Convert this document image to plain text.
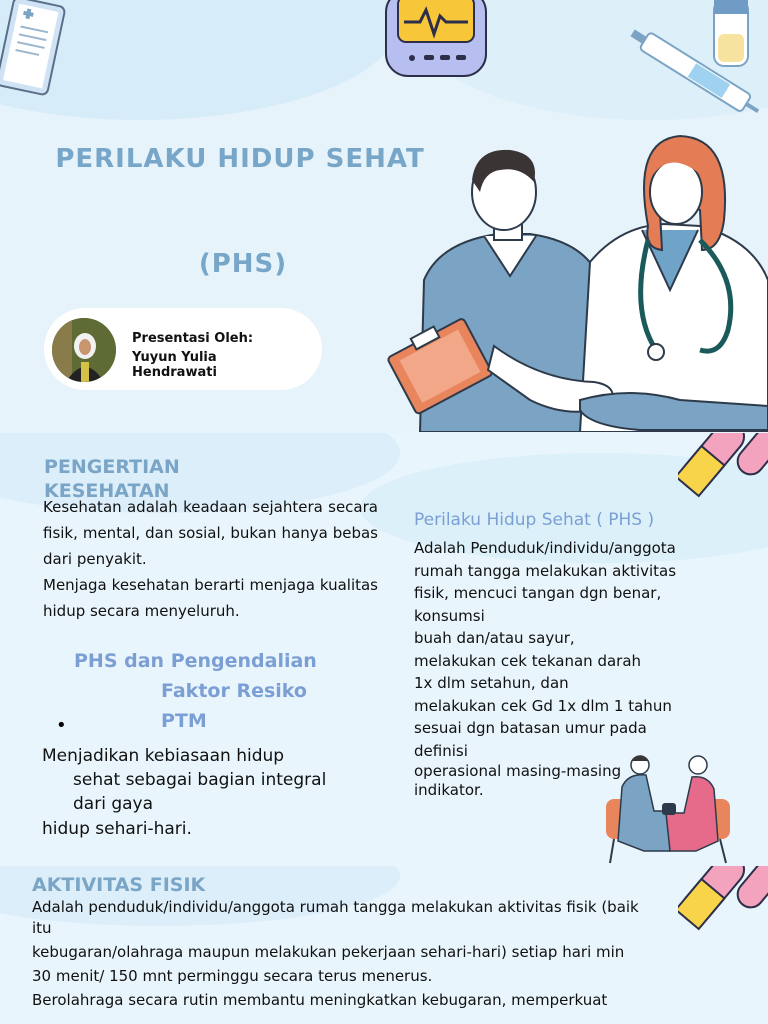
PERILAKU HIDUP SEHAT
(PHS)
Presentasi Oleh:
Yuyun Yulia
Hendrawati
PENGERTIAN
KESEHATAN
Kesehatan adalah keadaan sejahtera secara fisik, mental, dan sosial, bukan hanya bebas dari penyakit.
Menjaga kesehatan berarti menjaga kualitas hidup secara menyeluruh.
PHS dan Pengendalian
Faktor Resiko
PTM
•
Menjadikan kebiasaan hidup
sehat sebagai bagian integral
dari gaya
hidup sehari-hari.
Perilaku Hidup Sehat ( PHS )
Adalah Penduduk/individu/anggota
rumah tangga melakukan aktivitas
fisik, mencuci tangan dgn benar,
konsumsi
buah dan/atau sayur,
melakukan cek tekanan darah
1x dlm setahun, dan
melakukan cek Gd 1x dlm 1 tahun
sesuai dgn batasan umur pada
definisi
operasional masing-masing
indikator.
AKTIVITAS FISIK
Adalah penduduk/individu/anggota rumah tangga melakukan aktivitas fisik (baik
itu
kebugaran/olahraga maupun melakukan pekerjaan sehari-hari) setiap hari min
30 menit/ 150 mnt perminggu secara terus menerus.
Berolahraga secara rutin membantu meningkatkan kebugaran, memperkuat
